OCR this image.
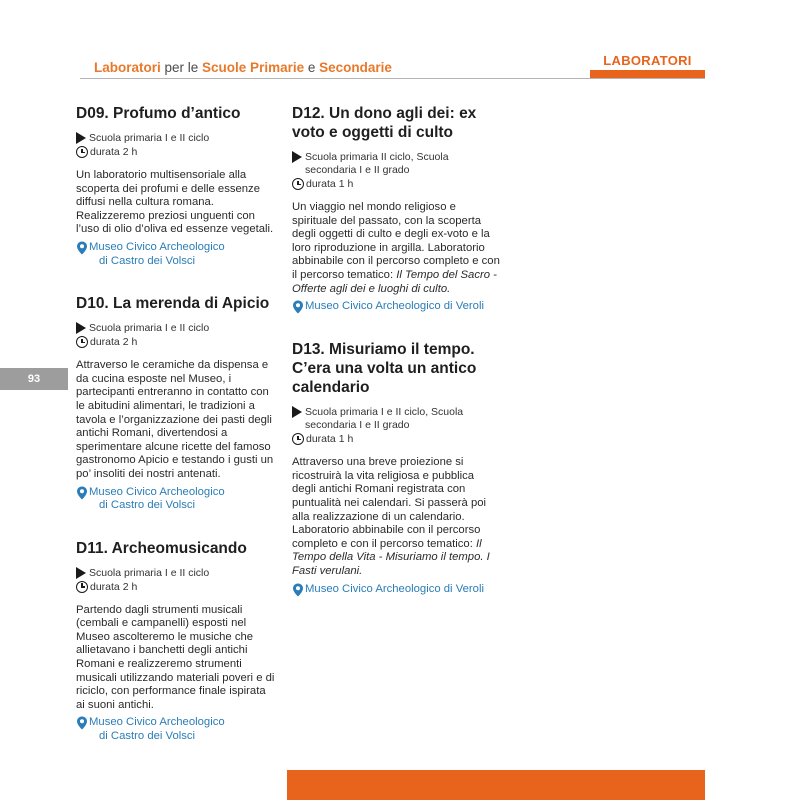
Laboratori per le Scuole Primarie e Secondarie	LABORATORI
93
D09. Profumo d’antico
Scuola primaria I e II ciclo
durata 2 h
Un laboratorio multisensoriale alla scoperta dei profumi e delle essenze diffusi nella cultura romana. Realizzeremo preziosi unguenti con l’uso di olio d’oliva ed essenze vegetali.
Museo Civico Archeologico
di Castro dei Volsci
D10. La merenda di Apicio
Scuola primaria I e II ciclo
durata 2 h
Attraverso le ceramiche da dispensa e da cucina esposte nel Museo, i partecipanti entreranno in contatto con le abitudini alimentari, le tradizioni a tavola e l’organizzazione dei pasti degli antichi Romani, divertendosi a sperimentare alcune ricette del famoso gastronomo Apicio e testando i gusti un po’ insoliti dei nostri antenati.
Museo Civico Archeologico
di Castro dei Volsci
D11. Archeomusicando
Scuola primaria I e II ciclo
durata 2 h
Partendo dagli strumenti musicali (cembali e campanelli) esposti nel Museo ascolteremo le musiche che allietavano i banchetti degli antichi Romani e realizzeremo strumenti musicali utilizzando materiali poveri e di riciclo, con performance finale ispirata ai suoni antichi.
Museo Civico Archeologico
di Castro dei Volsci
D12. Un dono agli dei: ex voto e oggetti di culto
Scuola primaria II ciclo, Scuola secondaria I e II grado
durata 1 h
Un viaggio nel mondo religioso e spirituale del passato, con la scoperta degli oggetti di culto e degli ex-voto e la loro riproduzione in argilla. Laboratorio abbinabile con il percorso completo e con il percorso tematico: Il Tempo del Sacro - Offerte agli dei e luoghi di culto.
Museo Civico Archeologico di Veroli
D13. Misuriamo il tempo. C’era una volta un antico calendario
Scuola primaria I e II ciclo, Scuola secondaria I e II grado
durata 1 h
Attraverso una breve proiezione si ricostruirà la vita religiosa e pubblica degli antichi Romani registrata con puntualità nei calendari. Si passerà poi alla realizzazione di un calendario. Laboratorio abbinabile con il percorso completo e con il percorso tematico: Il Tempo della Vita - Misuriamo il tempo. I Fasti verulani.
Museo Civico Archeologico di Veroli
